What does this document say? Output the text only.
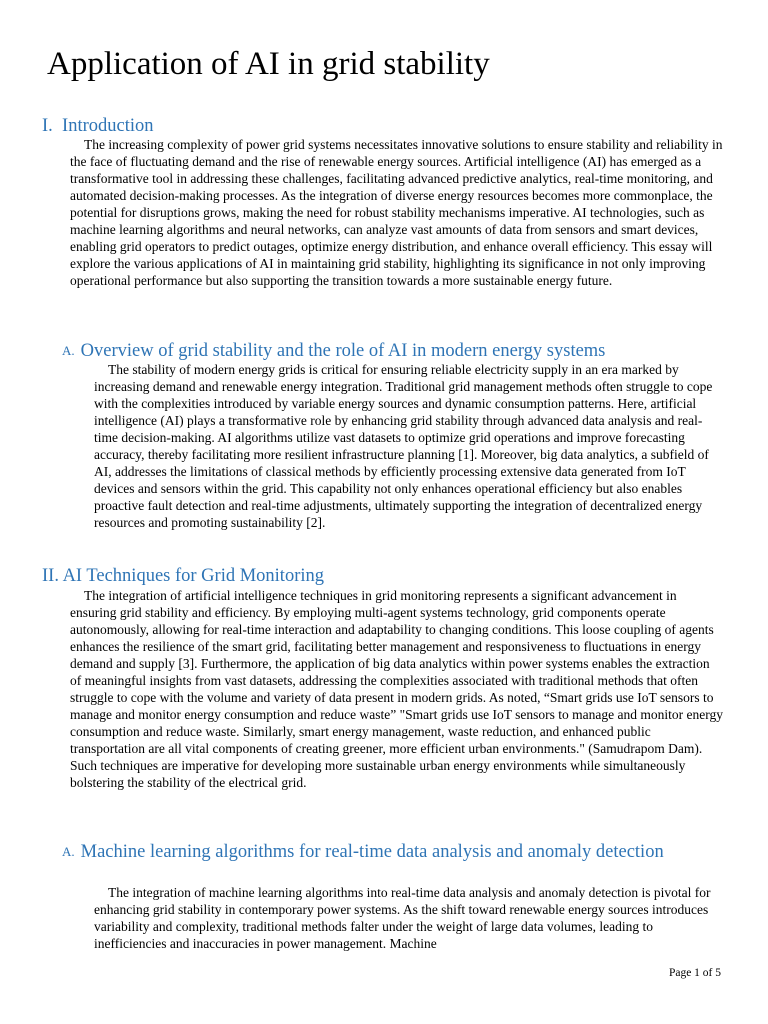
Application of AI in grid stability
I. Introduction

The increasing complexity of power grid systems necessitates innovative solutions to ensure stability and reliability in the face of fluctuating demand and the rise of renewable energy sources. Artificial intelligence (AI) has emerged as a transformative tool in addressing these challenges, facilitating advanced predictive analytics, real-time monitoring, and automated decision-making processes. As the integration of diverse energy resources becomes more commonplace, the potential for disruptions grows, making the need for robust stability mechanisms imperative. AI technologies, such as machine learning algorithms and neural networks, can analyze vast amounts of data from sensors and smart devices, enabling grid operators to predict outages, optimize energy distribution, and enhance overall efficiency. This essay will explore the various applications of AI in maintaining grid stability, highlighting its significance in not only improving operational performance but also supporting the transition towards a more sustainable energy future.

A. Overview of grid stability and the role of AI in modern energy systems

The stability of modern energy grids is critical for ensuring reliable electricity supply in an era marked by increasing demand and renewable energy integration. Traditional grid management methods often struggle to cope with the complexities introduced by variable energy sources and dynamic consumption patterns. Here, artificial intelligence (AI) plays a transformative role by enhancing grid stability through advanced data analysis and real-time decision-making. AI algorithms utilize vast datasets to optimize grid operations and improve forecasting accuracy, thereby facilitating more resilient infrastructure planning [1]. Moreover, big data analytics, a subfield of AI, addresses the limitations of classical methods by efficiently processing extensive data generated from IoT devices and sensors within the grid. This capability not only enhances operational efficiency but also enables proactive fault detection and real-time adjustments, ultimately supporting the integration of decentralized energy resources and promoting sustainability [2].

II. AI Techniques for Grid Monitoring

The integration of artificial intelligence techniques in grid monitoring represents a significant advancement in ensuring grid stability and efficiency. By employing multi-agent systems technology, grid components operate autonomously, allowing for real-time interaction and adaptability to changing conditions. This loose coupling of agents enhances the resilience of the smart grid, facilitating better management and responsiveness to fluctuations in energy demand and supply [3]. Furthermore, the application of big data analytics within power systems enables the extraction of meaningful insights from vast datasets, addressing the complexities associated with traditional methods that often struggle to cope with the volume and variety of data present in modern grids. As noted, “Smart grids use IoT sensors to manage and monitor energy consumption and reduce waste” "Smart grids use IoT sensors to manage and monitor energy consumption and reduce waste. Similarly, smart energy management, waste reduction, and enhanced public transportation are all vital components of creating greener, more efficient urban environments." (Samudrapom Dam). Such techniques are imperative for developing more sustainable urban energy environments while simultaneously bolstering the stability of the electrical grid.

A. Machine learning algorithms for real-time data analysis and anomaly detection

The integration of machine learning algorithms into real-time data analysis and anomaly detection is pivotal for enhancing grid stability in contemporary power systems. As the shift toward renewable energy sources introduces variability and complexity, traditional methods falter under the weight of large data volumes, leading to inefficiencies and inaccuracies in power management. Machine

Page 1 of 5
